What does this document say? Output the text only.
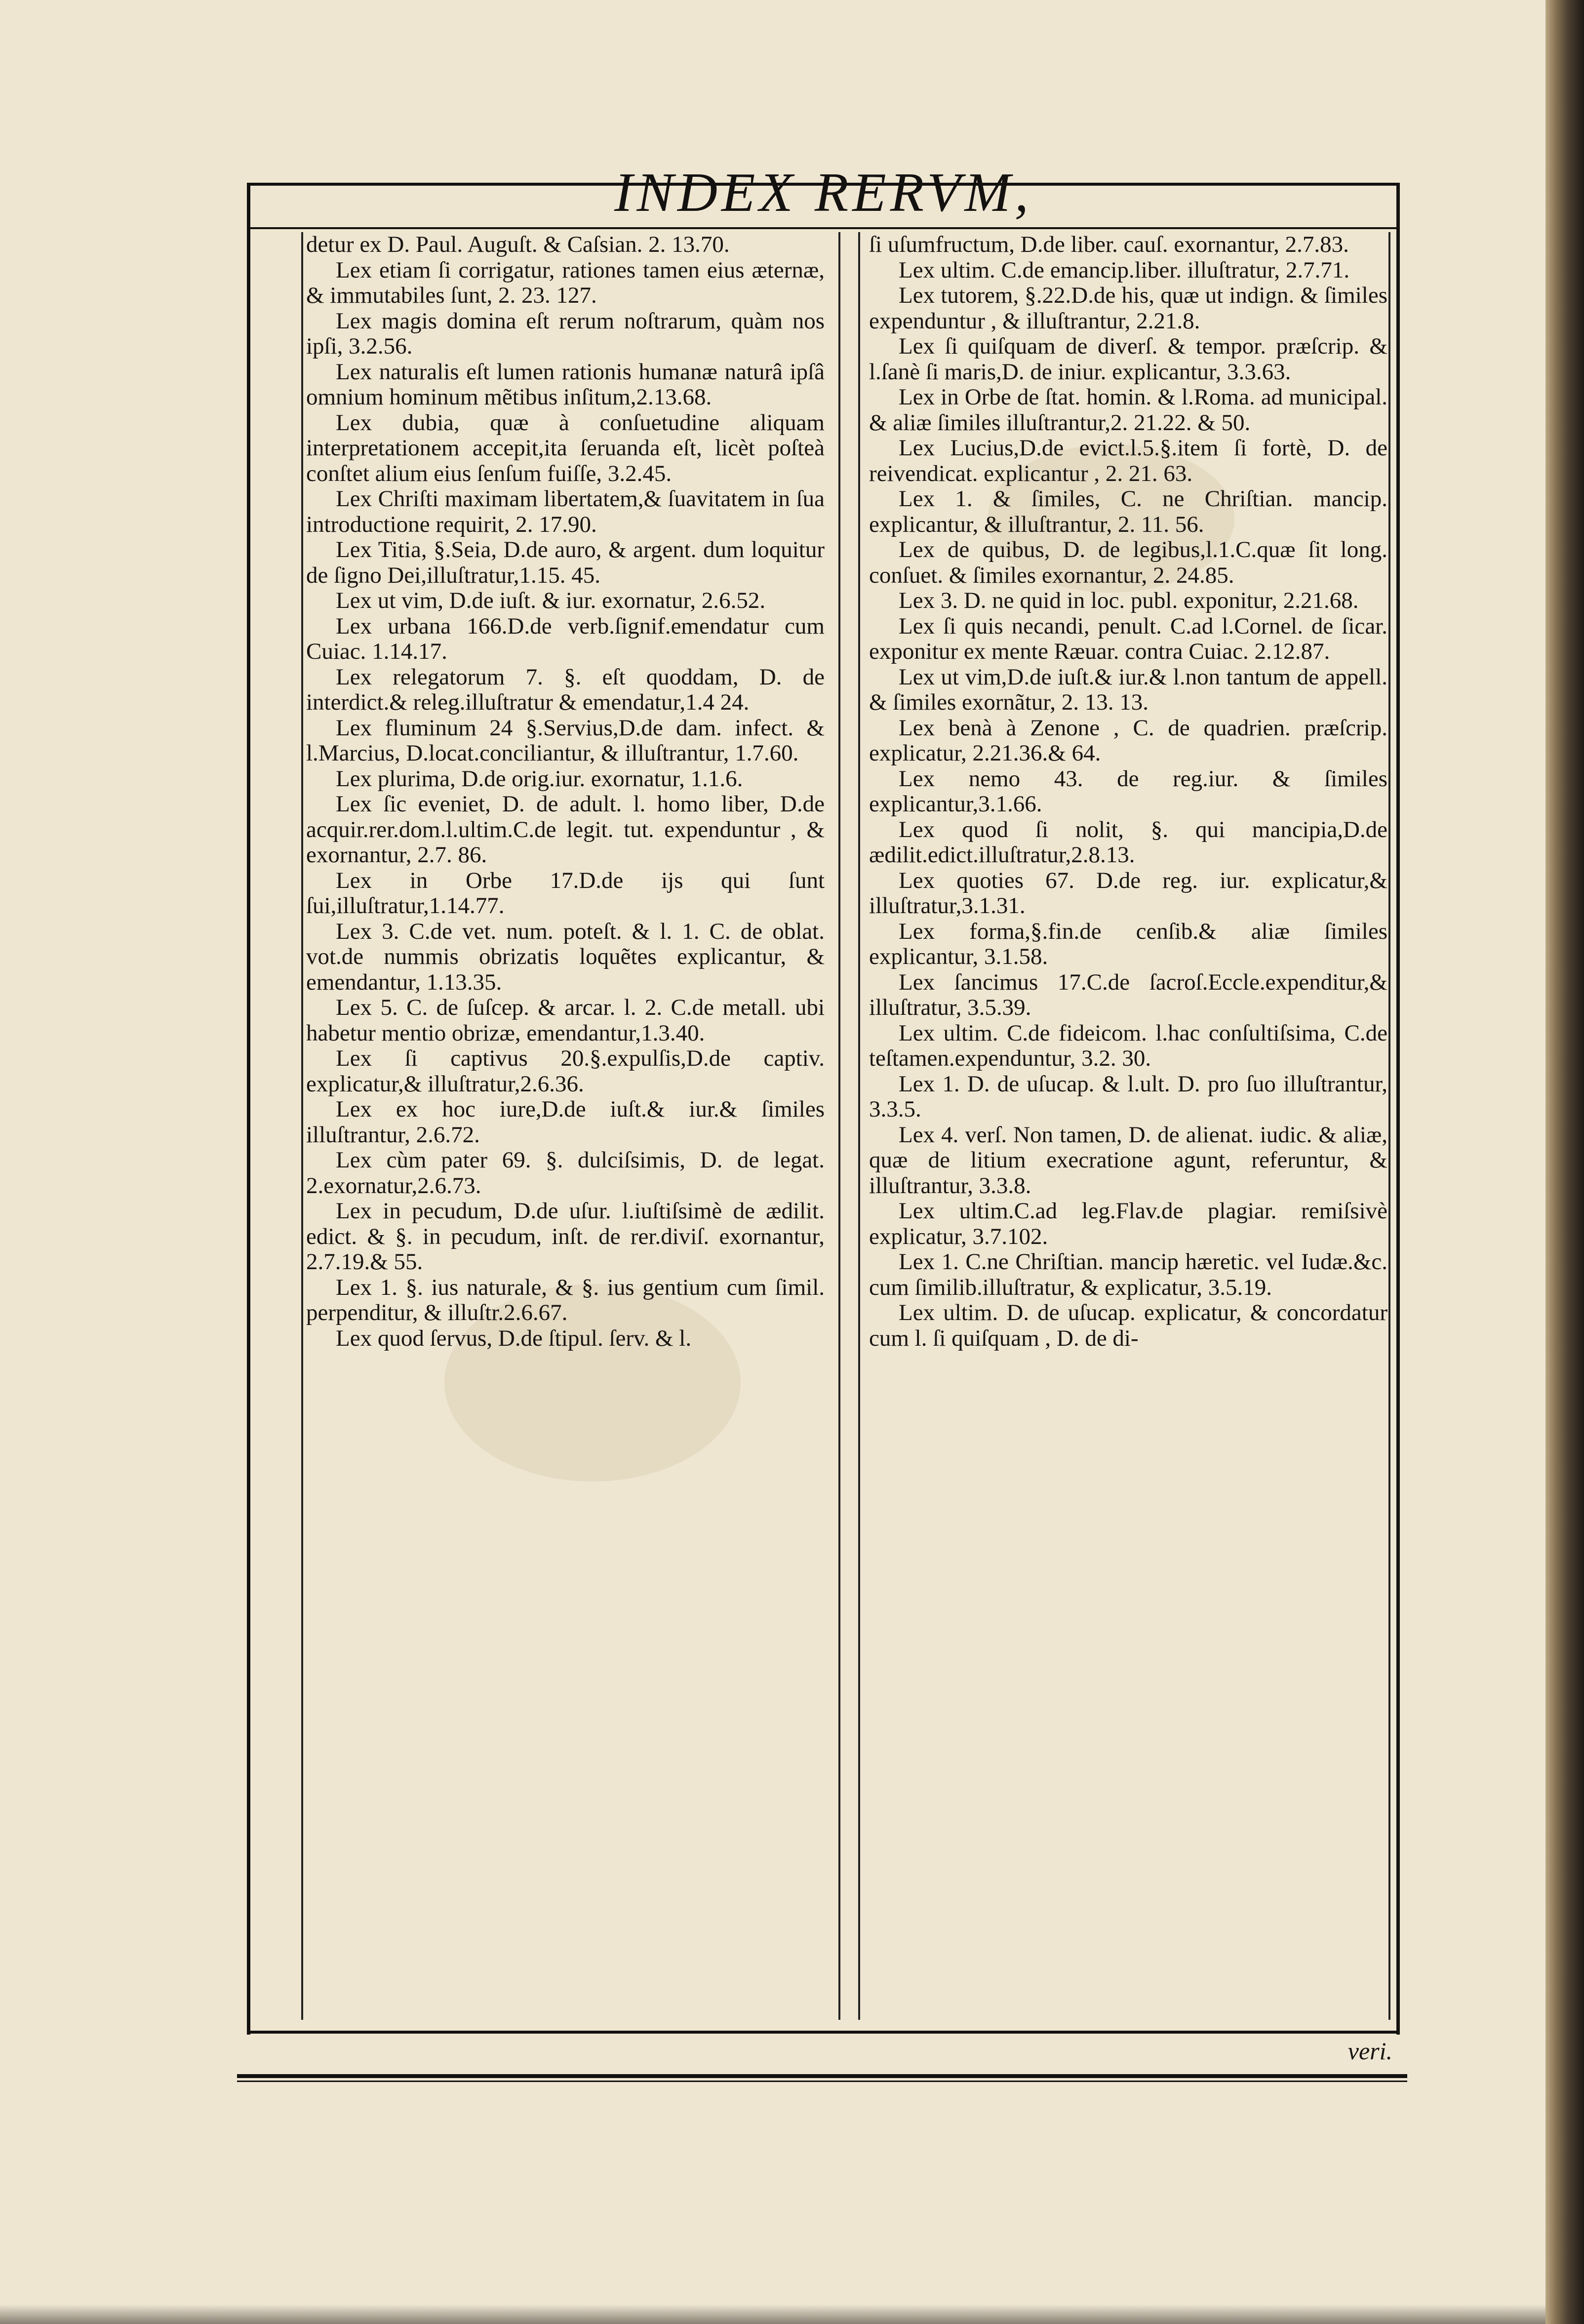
INDEX RERVM,

detur ex D. Paul. Auguſt. & Caſsian. 2. 13.70.

Lex etiam ſi corrigatur, rationes tamen eius æternæ, & immutabiles ſunt, 2. 23. 127.

Lex magis domina eſt rerum noſtrarum, quàm nos ipſi, 3.2.56.

Lex naturalis eſt lumen rationis humanæ naturâ ipſâ omnium hominum mẽtibus inſitum,2.13.68.

Lex dubia, quæ à conſuetudine aliquam interpretationem accepit,ita ſeruanda eſt, licèt poſteà conſtet alium eius ſenſum fuiſſe, 3.2.45.

Lex Chriſti maximam libertatem,& ſuavitatem in ſua introductione requirit, 2. 17.90.

Lex Titia, §.Seia, D.de auro, & argent. dum loquitur de ſigno Dei,illuſtratur,1.15. 45.

Lex ut vim, D.de iuſt. & iur. exornatur, 2.6.52.

Lex urbana 166.D.de verb.ſignif.emendatur cum Cuiac. 1.14.17.

Lex relegatorum 7. §. eſt quoddam, D. de interdict.& releg.illuſtratur & emendatur,1.4 24.

Lex fluminum 24 §.Servius,D.de dam. infect. & l.Marcius, D.locat.conciliantur, & illuſtrantur, 1.7.60.

Lex plurima, D.de orig.iur. exornatur, 1.1.6.

Lex ſic eveniet, D. de adult. l. homo liber, D.de acquir.rer.dom.l.ultim.C.de legit. tut. expenduntur , & exornantur, 2.7. 86.

Lex in Orbe 17.D.de ijs qui ſunt ſui,illuſtratur,1.14.77.

Lex 3. C.de vet. num. poteſt. & l. 1. C. de oblat. vot.de nummis obrizatis loquẽtes explicantur, & emendantur, 1.13.35.

Lex 5. C. de ſuſcep. & arcar. l. 2. C.de metall. ubi habetur mentio obrizæ, emendantur,1.3.40.

Lex ſi captivus 20.§.expulſis,D.de captiv. explicatur,& illuſtratur,2.6.36.

Lex ex hoc iure,D.de iuſt.& iur.& ſimiles illuſtrantur, 2.6.72.

Lex cùm pater 69. §. dulciſsimis, D. de legat. 2.exornatur,2.6.73.

Lex in pecudum, D.de uſur. l.iuſtiſsimè de ædilit. edict. & §. in pecudum, inſt. de rer.diviſ. exornantur, 2.7.19.& 55.

Lex 1. §. ius naturale, & §. ius gentium cum ſimil. perpenditur, & illuſtr.2.6.67.

Lex quod ſervus, D.de ſtipul. ſerv. & l.

ſi uſumfructum, D.de liber. cauſ. exornantur, 2.7.83.

Lex ultim. C.de emancip.liber. illuſtratur, 2.7.71.

Lex tutorem, §.22.D.de his, quæ ut indign. & ſimiles expenduntur , & illuſtrantur, 2.21.8.

Lex ſi quiſquam de diverſ. & tempor. præſcrip. & l.ſanè ſi maris,D. de iniur. explicantur, 3.3.63.

Lex in Orbe de ſtat. homin. & l.Roma. ad municipal. & aliæ ſimiles illuſtrantur,2. 21.22. & 50.

Lex Lucius,D.de evict.l.5.§.item ſi fortè, D. de reivendicat. explicantur , 2. 21. 63.

Lex 1. & ſimiles, C. ne Chriſtian. mancip. explicantur, & illuſtrantur, 2. 11. 56.

Lex de quibus, D. de legibus,l.1.C.quæ ſit long. conſuet. & ſimiles exornantur, 2. 24.85.

Lex 3. D. ne quid in loc. publ. exponitur, 2.21.68.

Lex ſi quis necandi, penult. C.ad l.Cornel. de ſicar. exponitur ex mente Ræuar. contra Cuiac. 2.12.87.

Lex ut vim,D.de iuſt.& iur.& l.non tantum de appell. & ſimiles exornãtur, 2. 13. 13.

Lex benà à Zenone , C. de quadrien. præſcrip. explicatur, 2.21.36.& 64.

Lex nemo 43. de reg.iur. & ſimiles explicantur,3.1.66.

Lex quod ſi nolit, §. qui mancipia,D.de ædilit.edict.illuſtratur,2.8.13.

Lex quoties 67. D.de reg. iur. explicatur,& illuſtratur,3.1.31.

Lex forma,§.fin.de cenſib.& aliæ ſimiles explicantur, 3.1.58.

Lex ſancimus 17.C.de ſacroſ.Eccle.expenditur,& illuſtratur, 3.5.39.

Lex ultim. C.de fideicom. l.hac conſultiſsima, C.de teſtamen.expenduntur, 3.2. 30.

Lex 1. D. de uſucap. & l.ult. D. pro ſuo illuſtrantur, 3.3.5.

Lex 4. verſ. Non tamen, D. de alienat. iudic. & aliæ, quæ de litium execratione agunt, referuntur, & illuſtrantur, 3.3.8.

Lex ultim.C.ad leg.Flav.de plagiar. remiſsivè explicatur, 3.7.102.

Lex 1. C.ne Chriſtian. mancip hæretic. vel Iudæ.&c. cum ſimilib.illuſtratur, & explicatur, 3.5.19.

Lex ultim. D. de uſucap. explicatur, & concordatur cum l. ſi quiſquam , D. de di-

veri.
